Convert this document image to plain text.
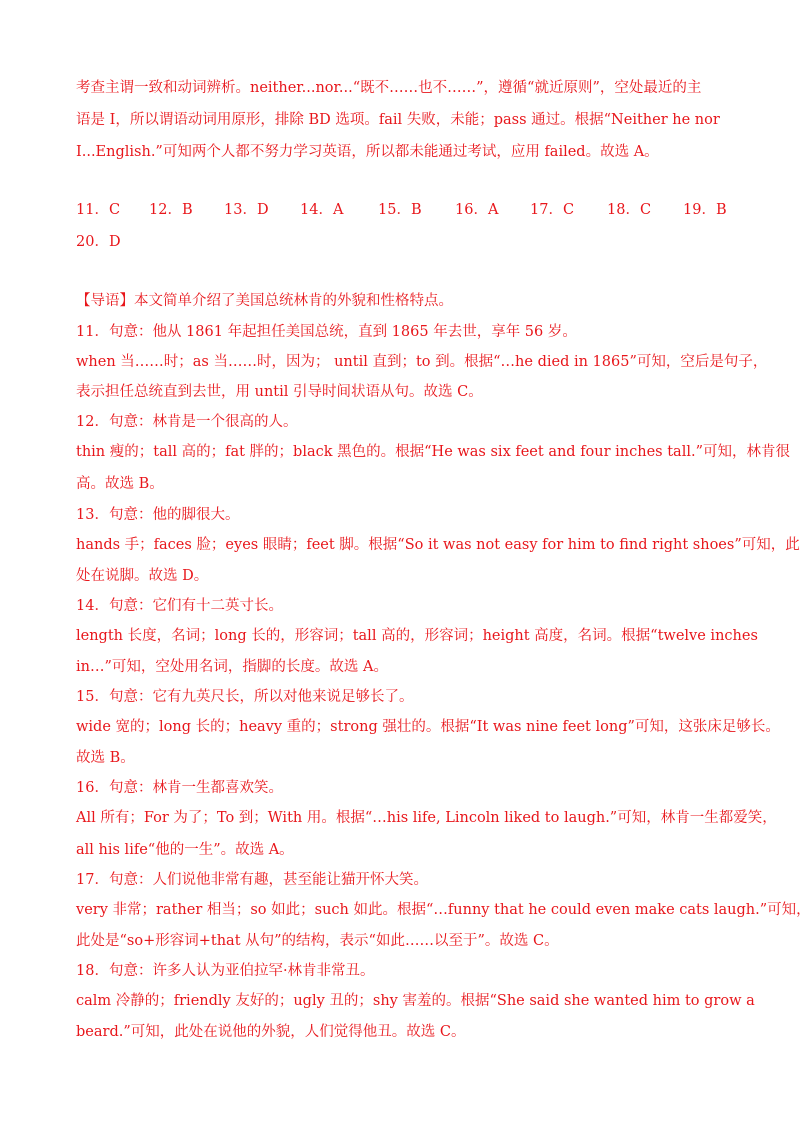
考查主谓一致和动词辨析。neither...nor...“既不……也不……”，遵循“就近原则”，空处最近的主
语是 I，所以谓语动词用原形，排除 BD 选项。fail 失败，未能；pass 通过。根据“Neither he nor
I...English.”可知两个人都不努力学习英语，所以都未能通过考试，应用 failed。故选 A。
11．C 12．B 13．D 14．A 15．B 16．A 17．C 18．C 19．B
20．D
【导语】本文简单介绍了美国总统林肯的外貌和性格特点。
11．句意：他从 1861 年起担任美国总统，直到 1865 年去世，享年 56 岁。
when 当……时；as 当……时，因为； until 直到；to 到。根据“…he died in 1865”可知，空后是句子，
表示担任总统直到去世，用 until 引导时间状语从句。故选 C。
12．句意：林肯是一个很高的人。
thin 瘦的；tall 高的；fat 胖的；black 黑色的。根据“He was six feet and four inches tall.”可知，林肯很
高。故选 B。
13．句意：他的脚很大。
hands 手；faces 脸；eyes 眼睛；feet 脚。根据“So it was not easy for him to find right shoes”可知，此
处在说脚。故选 D。
14．句意：它们有十二英寸长。
length 长度，名词；long 长的，形容词；tall 高的，形容词；height 高度，名词。根据“twelve inches
in…”可知，空处用名词，指脚的长度。故选 A。
15．句意：它有九英尺长，所以对他来说足够长了。
wide 宽的；long 长的；heavy 重的；strong 强壮的。根据“It was nine feet long”可知，这张床足够长。
故选 B。
16．句意：林肯一生都喜欢笑。
All 所有；For 为了；To 到；With 用。根据“…his life, Lincoln liked to laugh.”可知，林肯一生都爱笑，
all his life“他的一生”。故选 A。
17．句意：人们说他非常有趣，甚至能让猫开怀大笑。
very 非常；rather 相当；so 如此；such 如此。根据“…funny that he could even make cats laugh.”可知，
此处是“so+形容词+that 从句”的结构，表示“如此……以至于”。故选 C。
18．句意：许多人认为亚伯拉罕·林肯非常丑。
calm 冷静的；friendly 友好的；ugly 丑的；shy 害羞的。根据“She said she wanted him to grow a
beard.”可知，此处在说他的外貌，人们觉得他丑。故选 C。
